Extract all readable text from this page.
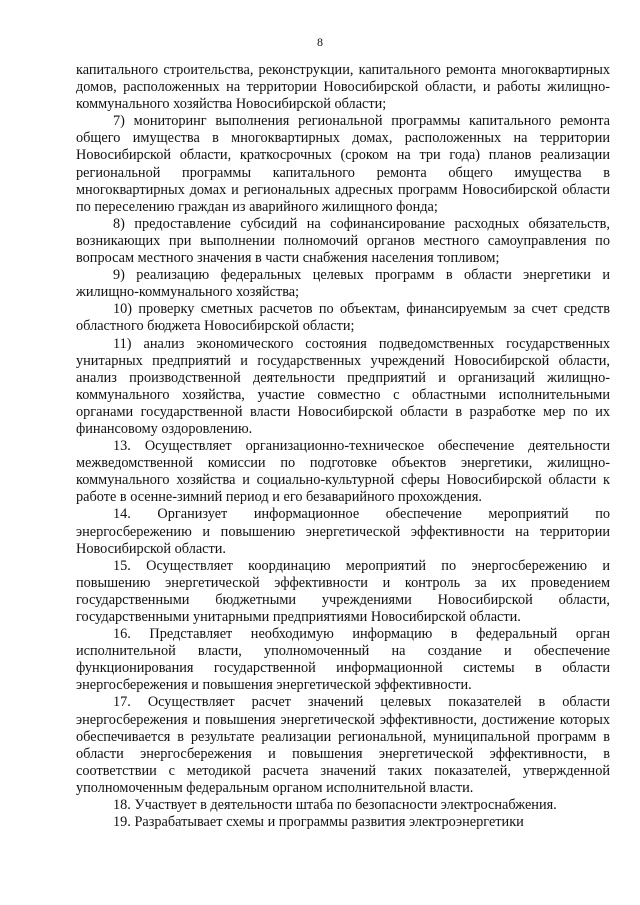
8

капитального строительства, реконструкции, капитального ремонта многоквартирных домов, расположенных на территории Новосибирской области, и работы жилищно-коммунального хозяйства Новосибирской области;

7) мониторинг выполнения региональной программы капитального ремонта общего имущества в многоквартирных домах, расположенных на территории Новосибирской области, краткосрочных (сроком на три года) планов реализации региональной программы капитального ремонта общего имущества в многоквартирных домах и региональных адресных программ Новосибирской области по переселению граждан из аварийного жилищного фонда;

8) предоставление субсидий на софинансирование расходных обязательств, возникающих при выполнении полномочий органов местного самоуправления по вопросам местного значения в части снабжения населения топливом;

9) реализацию федеральных целевых программ в области энергетики и жилищно-коммунального хозяйства;

10) проверку сметных расчетов по объектам, финансируемым за счет средств областного бюджета Новосибирской области;

11) анализ экономического состояния подведомственных государственных унитарных предприятий и государственных учреждений Новосибирской области, анализ производственной деятельности предприятий и организаций жилищно-коммунального хозяйства, участие совместно с областными исполнительными органами государственной власти Новосибирской области в разработке мер по их финансовому оздоровлению.

13. Осуществляет организационно-техническое обеспечение деятельности межведомственной комиссии по подготовке объектов энергетики, жилищно-коммунального хозяйства и социально-культурной сферы Новосибирской области к работе в осенне-зимний период и его безаварийного прохождения.

14. Организует информационное обеспечение мероприятий по энергосбережению и повышению энергетической эффективности на территории Новосибирской области.

15. Осуществляет координацию мероприятий по энергосбережению и повышению энергетической эффективности и контроль за их проведением государственными бюджетными учреждениями Новосибирской области, государственными унитарными предприятиями Новосибирской области.

16. Представляет необходимую информацию в федеральный орган исполнительной власти, уполномоченный на создание и обеспечение функционирования государственной информационной системы в области энергосбережения и повышения энергетической эффективности.

17. Осуществляет расчет значений целевых показателей в области энергосбережения и повышения энергетической эффективности, достижение которых обеспечивается в результате реализации региональной, муниципальной программ в области энергосбережения и повышения энергетической эффективности, в соответствии с методикой расчета значений таких показателей, утвержденной уполномоченным федеральным органом исполнительной власти.

18. Участвует в деятельности штаба по безопасности электроснабжения.

19. Разрабатывает схемы и программы развития электроэнергетики
